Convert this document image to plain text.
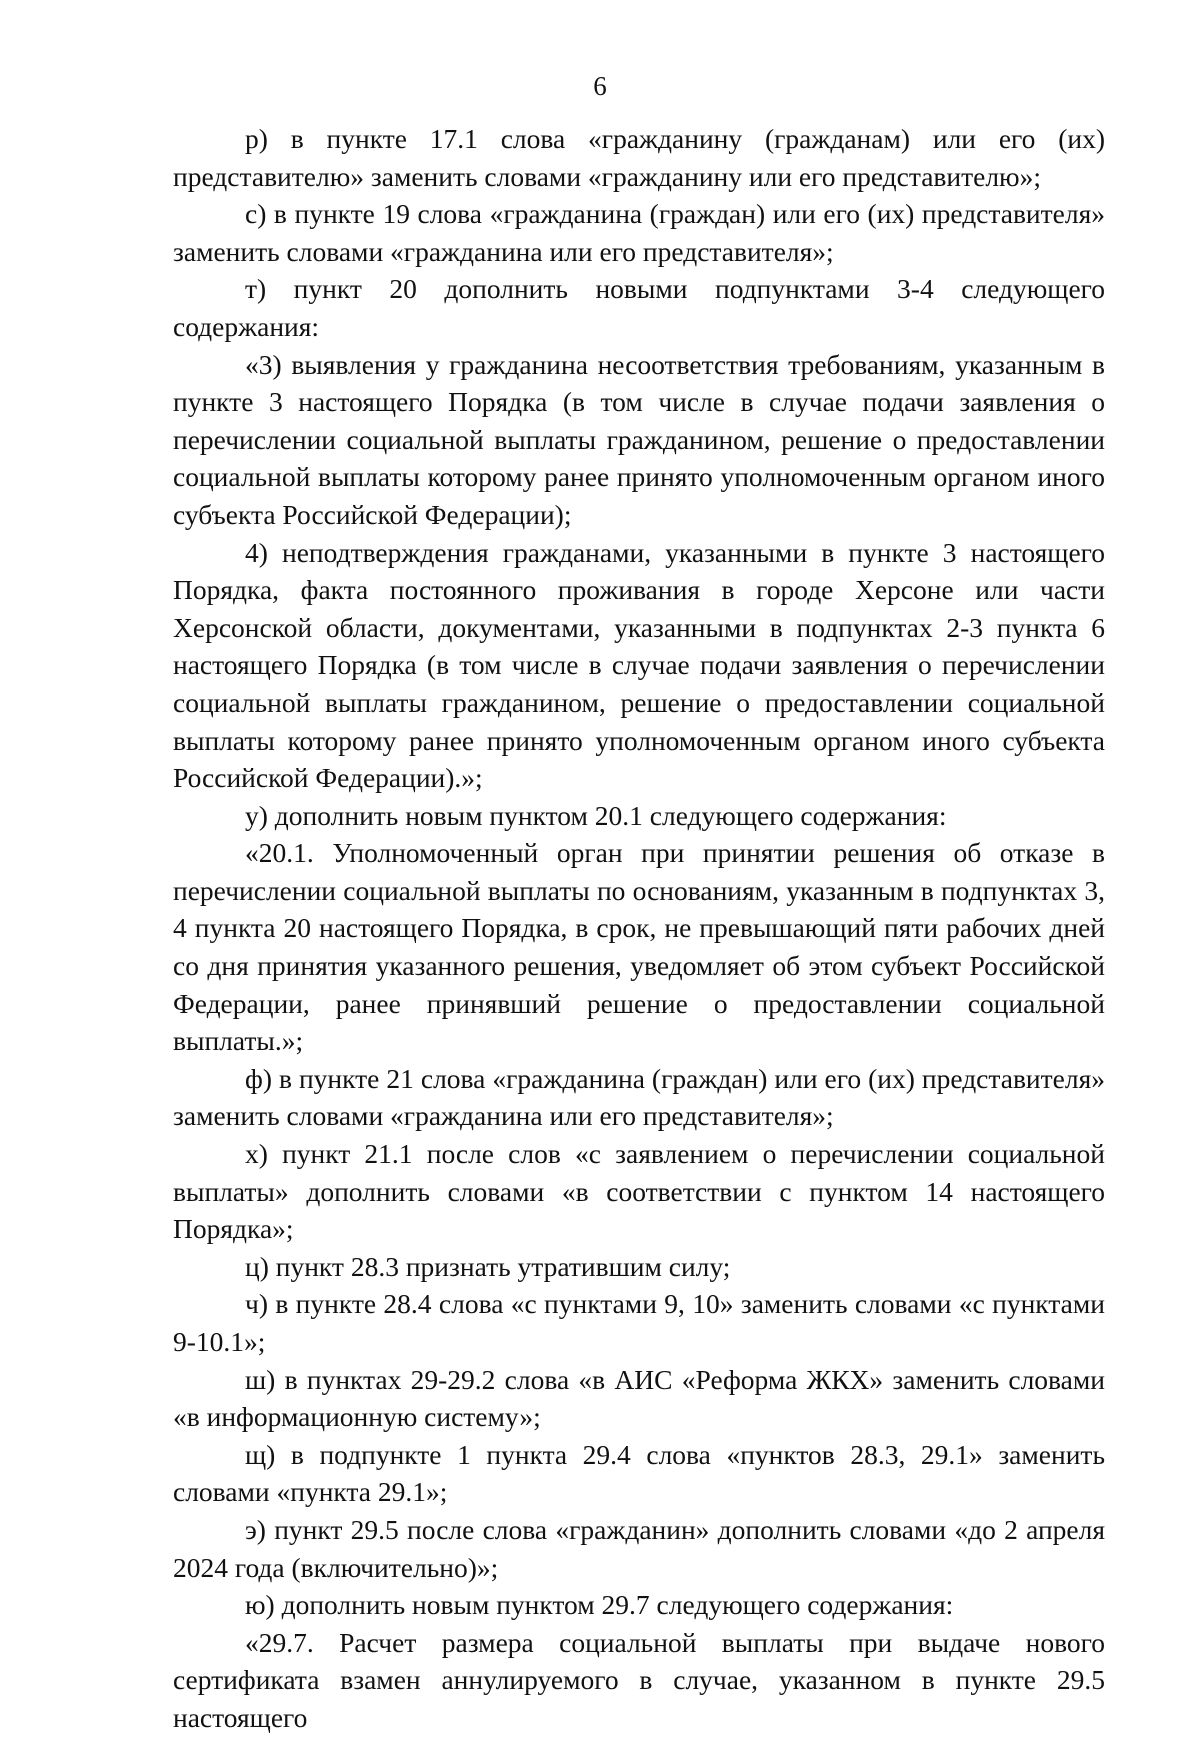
6

р) в пункте 17.1 слова «гражданину (гражданам) или его (их) представителю» заменить словами «гражданину или его представителю»;

с) в пункте 19 слова «гражданина (граждан) или его (их) представителя» заменить словами «гражданина или его представителя»;

т) пункт 20 дополнить новыми подпунктами 3-4 следующего содержания:

«3) выявления у гражданина несоответствия требованиям, указанным в пункте 3 настоящего Порядка (в том числе в случае подачи заявления о перечислении социальной выплаты гражданином, решение о предоставлении социальной выплаты которому ранее принято уполномоченным органом иного субъекта Российской Федерации);

4) неподтверждения гражданами, указанными в пункте 3 настоящего Порядка, факта постоянного проживания в городе Херсоне или части Херсонской области, документами, указанными в подпунктах 2-3 пункта 6 настоящего Порядка (в том числе в случае подачи заявления о перечислении социальной выплаты гражданином, решение о предоставлении социальной выплаты которому ранее принято уполномоченным органом иного субъекта Российской Федерации).»;

у) дополнить новым пунктом 20.1 следующего содержания:

«20.1. Уполномоченный орган при принятии решения об отказе в перечислении социальной выплаты по основаниям, указанным в подпунктах 3, 4 пункта 20 настоящего Порядка, в срок, не превышающий пяти рабочих дней со дня принятия указанного решения, уведомляет об этом субъект Российской Федерации, ранее принявший решение о предоставлении социальной выплаты.»;

ф) в пункте 21 слова «гражданина (граждан) или его (их) представителя» заменить словами «гражданина или его представителя»;

х) пункт 21.1 после слов «с заявлением о перечислении социальной выплаты» дополнить словами «в соответствии с пунктом 14 настоящего Порядка»;

ц) пункт 28.3 признать утратившим силу;

ч) в пункте 28.4 слова «с пунктами 9, 10» заменить словами «с пунктами 9-10.1»;

ш) в пунктах 29-29.2 слова «в АИС «Реформа ЖКХ» заменить словами «в информационную систему»;

щ) в подпункте 1 пункта 29.4 слова «пунктов 28.3, 29.1» заменить словами «пункта 29.1»;

э) пункт 29.5 после слова «гражданин» дополнить словами «до 2 апреля 2024 года (включительно)»;

ю) дополнить новым пунктом 29.7 следующего содержания:

«29.7. Расчет размера социальной выплаты при выдаче нового сертификата взамен аннулируемого в случае, указанном в пункте 29.5 настоящего
